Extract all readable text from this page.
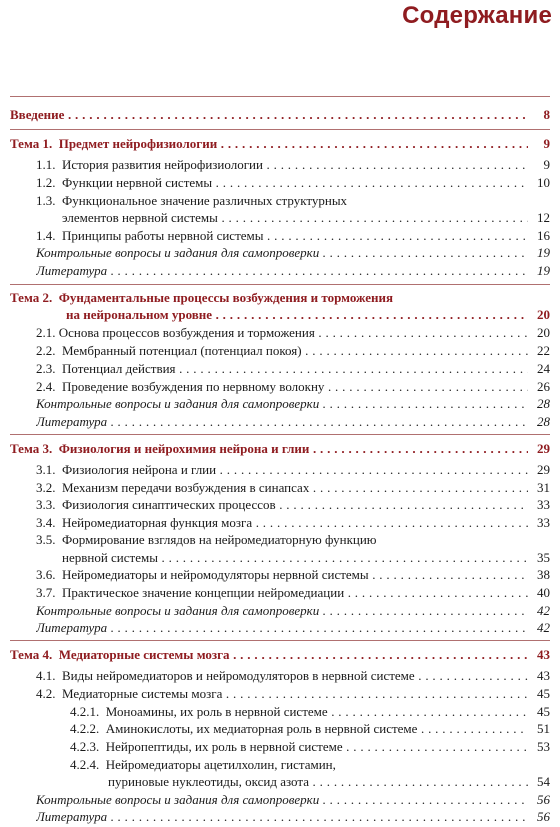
Содержание
Введение . . .	8
Тема 1. Предмет нейрофизиологии . . .	9
1.1. История развития нейрофизиологии . . .	9
1.2. Функции нервной системы . . .	10
1.3. Функциональное значение различных структурных
элементов нервной системы . . .	12
1.4. Принципы работы нервной системы . . .	16
Контрольные вопросы и задания для самопроверки . . .	19
Литература . . .	19
Тема 2. Фундаментальные процессы возбуждения и торможения
на нейрональном уровне . . .	20
2.1. Основа процессов возбуждения и торможения . . .	20
2.2. Мембранный потенциал (потенциал покоя) . . .	22
2.3. Потенциал действия . . .	24
2.4. Проведение возбуждения по нервному волокну . . .	26
Контрольные вопросы и задания для самопроверки . . .	28
Литература . . .	28
Тема 3. Физиология и нейрохимия нейрона и глии . . .	29
3.1. Физиология нейрона и глии . . .	29
3.2. Механизм передачи возбуждения в синапсах . . .	31
3.3. Физиология синаптических процессов . . .	33
3.4. Нейромедиаторная функция мозга . . .	33
3.5. Формирование взглядов на нейромедиаторную функцию
нервной системы . . .	35
3.6. Нейромедиаторы и нейромодуляторы нервной системы . . .	38
3.7. Практическое значение концепции нейромедиации . . .	40
Контрольные вопросы и задания для самопроверки . . .	42
Литература . . .	42
Тема 4. Медиаторные системы мозга . . .	43
4.1. Виды нейромедиаторов и нейромодуляторов в нервной системе . . .	43
4.2. Медиаторные системы мозга . . .	45
4.2.1. Моноамины, их роль в нервной системе . . .	45
4.2.2. Аминокислоты, их медиаторная роль в нервной системе . . .	51
4.2.3. Нейропептиды, их роль в нервной системе . . .	53
4.2.4. Нейромедиаторы ацетилхолин, гистамин,
пуриновые нуклеотиды, оксид азота . . .	54
Контрольные вопросы и задания для самопроверки . . .	56
Литература . . .	56
